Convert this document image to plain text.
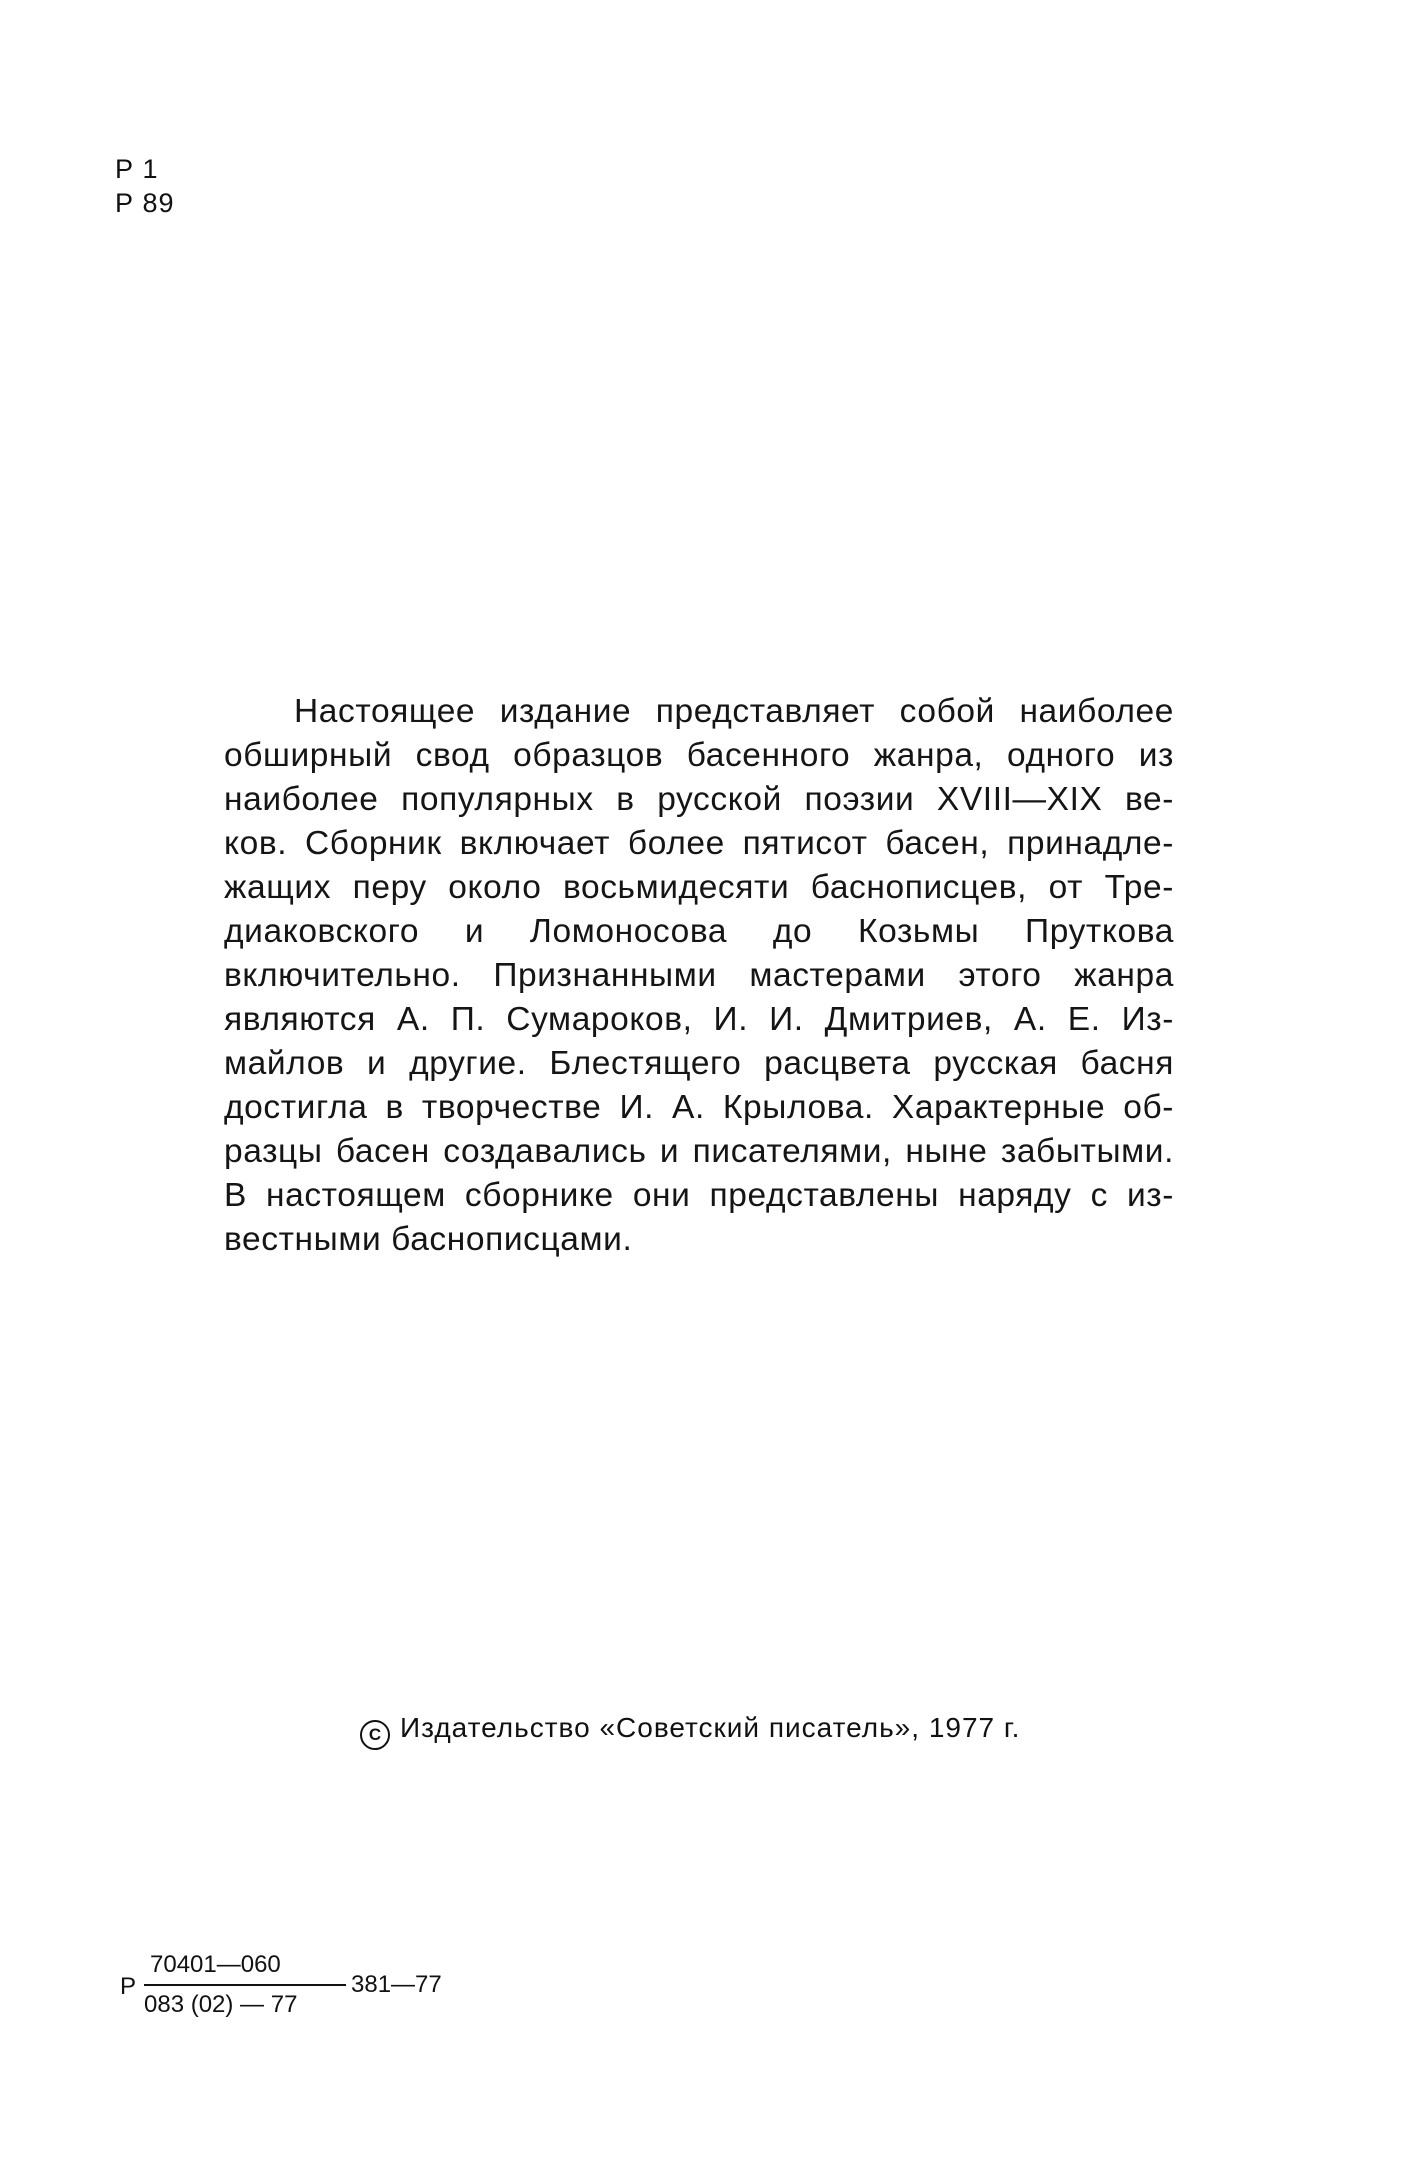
Р 1
Р 89
Настоящее издание представляет собой наиболее
обширный свод образцов басенного жанра, одного из
наиболее популярных в русской поэзии XVIII—XIX ве-
ков. Сборник включает более пятисот басен, принадле-
жащих перу около восьмидесяти баснописцев, от Тре-
диаковского и Ломоносова до Козьмы Пруткова
включительно. Признанными мастерами этого жанра
являются А. П. Сумароков, И. И. Дмитриев, А. Е. Из-
майлов и другие. Блестящего расцвета русская басня
достигла в творчестве И. А. Крылова. Характерные об-
разцы басен создавались и писателями, ныне забытыми.
В настоящем сборнике они представлены наряду с из-
вестными баснописцами.
C Издательство «Советский писатель», 1977 г.
Р
70401—060
083 (02) — 77
381—77
